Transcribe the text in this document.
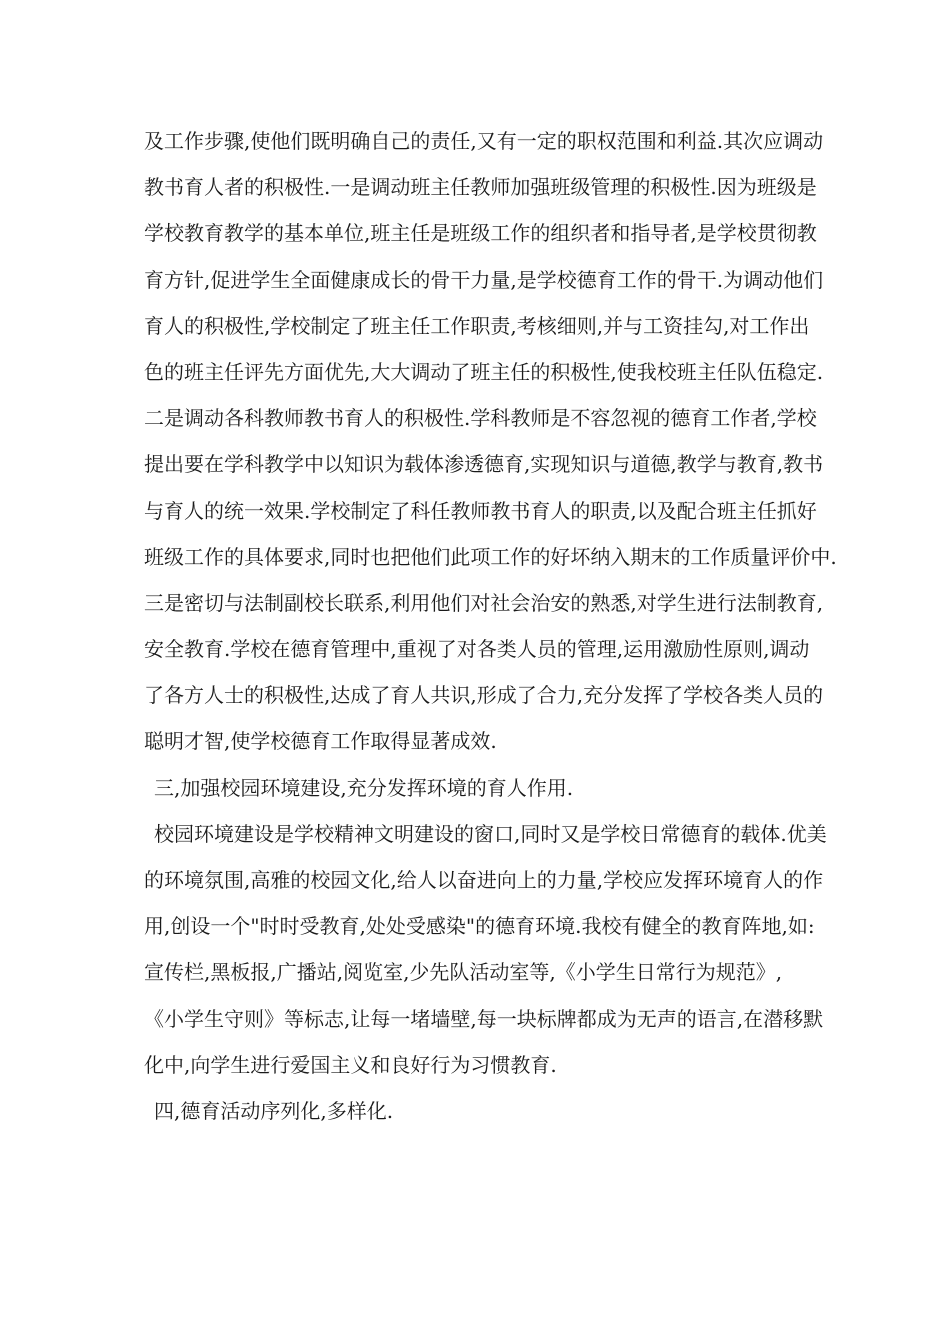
及工作步骤,使他们既明确自己的责任,又有一定的职权范围和利益.其次应调动
教书育人者的积极性.一是调动班主任教师加强班级管理的积极性.因为班级是
学校教育教学的基本单位,班主任是班级工作的组织者和指导者,是学校贯彻教
育方针,促进学生全面健康成长的骨干力量,是学校德育工作的骨干.为调动他们
育人的积极性,学校制定了班主任工作职责,考核细则,并与工资挂勾,对工作出
色的班主任评先方面优先,大大调动了班主任的积极性,使我校班主任队伍稳定.
二是调动各科教师教书育人的积极性.学科教师是不容忽视的德育工作者,学校
提出要在学科教学中以知识为载体渗透德育,实现知识与道德,教学与教育,教书
与育人的统一效果.学校制定了科任教师教书育人的职责,以及配合班主任抓好
班级工作的具体要求,同时也把他们此项工作的好坏纳入期末的工作质量评价中.
三是密切与法制副校长联系,利用他们对社会治安的熟悉,对学生进行法制教育,
安全教育.学校在德育管理中,重视了对各类人员的管理,运用激励性原则,调动
了各方人士的积极性,达成了育人共识,形成了合力,充分发挥了学校各类人员的
聪明才智,使学校德育工作取得显著成效.
三,加强校园环境建设,充分发挥环境的育人作用.
校园环境建设是学校精神文明建设的窗口,同时又是学校日常德育的载体.优美
的环境氛围,高雅的校园文化,给人以奋进向上的力量,学校应发挥环境育人的作
用,创设一个"时时受教育,处处受感染"的德育环境.我校有健全的教育阵地,如:
宣传栏,黑板报,广播站,阅览室,少先队活动室等,《小学生日常行为规范》,
《小学生守则》等标志,让每一堵墙壁,每一块标牌都成为无声的语言,在潜移默
化中,向学生进行爱国主义和良好行为习惯教育.
四,德育活动序列化,多样化.
